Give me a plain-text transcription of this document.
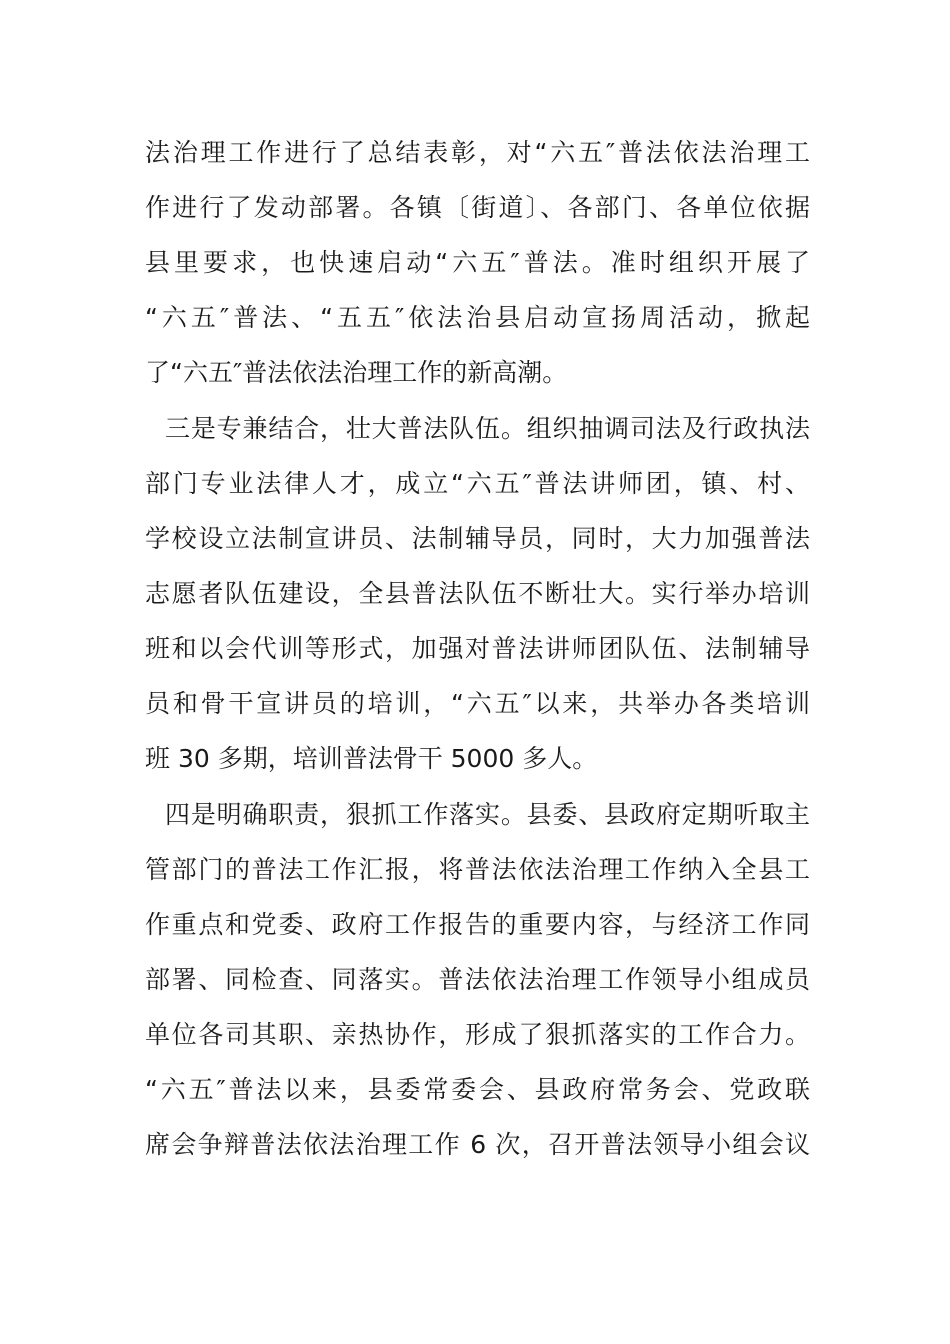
法治理工作进行了总结表彰，对“六五″普法依法治理工
作进行了发动部署。各镇〔街道〕、各部门、各单位依据
县里要求，也快速启动“六五″普法。准时组织开展了
“六五″普法、“五五″依法治县启动宣扬周活动，掀起
了“六五″普法依法治理工作的新高潮。
三是专兼结合，壮大普法队伍。组织抽调司法及行政执法
部门专业法律人才，成立“六五″普法讲师团，镇、村、
学校设立法制宣讲员、法制辅导员，同时，大力加强普法
志愿者队伍建设，全县普法队伍不断壮大。实行举办培训
班和以会代训等形式，加强对普法讲师团队伍、法制辅导
员和骨干宣讲员的培训，“六五″以来，共举办各类培训
班 30 多期，培训普法骨干 5000 多人。
四是明确职责，狠抓工作落实。县委、县政府定期听取主
管部门的普法工作汇报，将普法依法治理工作纳入全县工
作重点和党委、政府工作报告的重要内容，与经济工作同
部署、同检查、同落实。普法依法治理工作领导小组成员
单位各司其职、亲热协作，形成了狠抓落实的工作合力。
“六五″普法以来，县委常委会、县政府常务会、党政联
席会争辩普法依法治理工作 6 次，召开普法领导小组会议
